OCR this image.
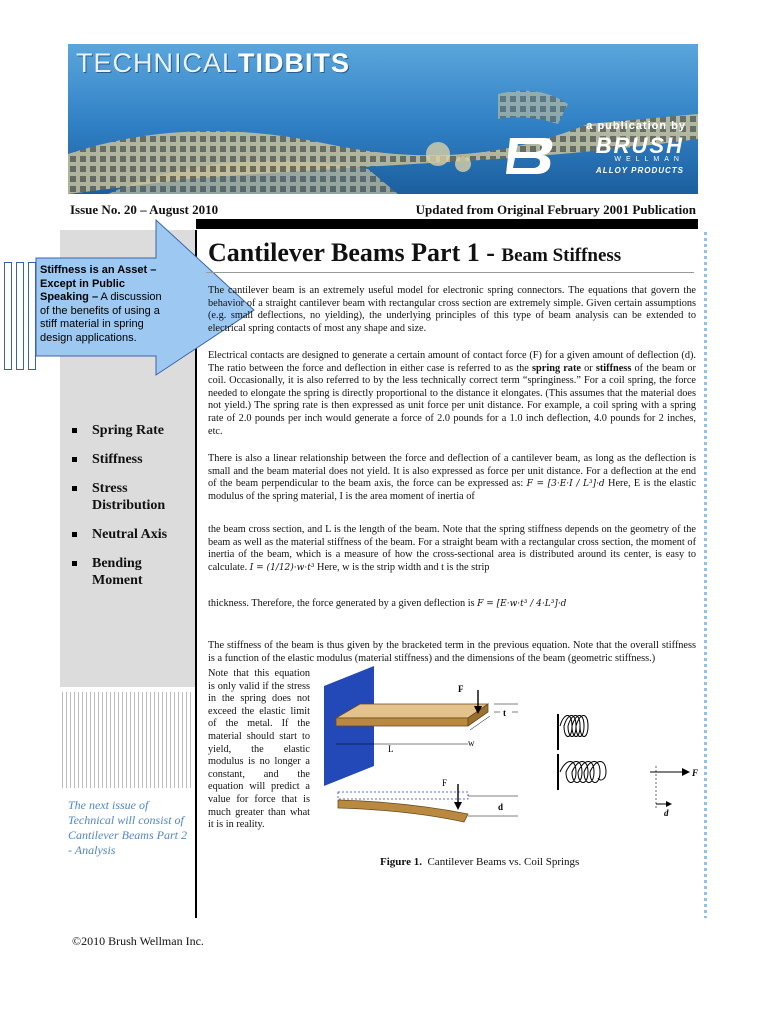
TECHNICALTIDBITS
a publication by
BRUSH
WELLMAN
ALLOY PRODUCTS
Issue No. 20 – August 2010	Updated from Original February 2001 Publication
Stiffness is an Asset – Except in Public Speaking – A discussion of the benefits of using a stiff material in spring design applications.
Spring Rate
Stiffness
Stress Distribution
Neutral Axis
Bending Moment
The next issue of Technical will consist of Cantilever Beams Part 2 - Analysis
Cantilever Beams Part 1 - Beam Stiffness
The cantilever beam is an extremely useful model for electronic spring connectors. The equations that govern the behavior of a straight cantilever beam with rectangular cross section are extremely simple. Given certain assumptions (e.g. small deflections, no yielding), the underlying principles of this type of beam analysis can be extended to electrical spring contacts of most any shape and size.
Electrical contacts are designed to generate a certain amount of contact force (F) for a given amount of deflection (d). The ratio between the force and deflection in either case is referred to as the spring rate or stiffness of the beam or coil. Occasionally, it is also referred to by the less technically correct term “springiness.” For a coil spring, the force needed to elongate the spring is directly proportional to the distance it elongates. (This assumes that the material does not yield.) The spring rate is then expressed as unit force per unit distance. For example, a coil spring with a spring rate of 2.0 pounds per inch would generate a force of 2.0 pounds for a 1.0 inch deflection, 4.0 pounds for 2 inches, etc.
There is also a linear relationship between the force and deflection of a cantilever beam, as long as the deflection is small and the beam material does not yield. It is also expressed as force per unit distance. For a deflection at the end of the beam perpendicular to the beam axis, the force can be expressed as: F = [3·E·I / L³]·d Here, E is the elastic modulus of the spring material, I is the area moment of inertia of
the beam cross section, and L is the length of the beam. Note that the spring stiffness depends on the geometry of the beam as well as the material stiffness of the beam. For a straight beam with a rectangular cross section, the moment of inertia of the beam, which is a measure of how the cross-sectional area is distributed around its center, is easy to calculate. I = (1/12)·w·t³ Here, w is the strip width and t is the strip
thickness. Therefore, the force generated by a given deflection is F = [E·w·t³ / 4·L³]·d
The stiffness of the beam is thus given by the bracketed term in the previous equation. Note that the overall stiffness is a function of the elastic modulus (material stiffness) and the dimensions of the beam (geometric stiffness.)
Note that this equation is only valid if the stress in the spring does not exceed the elastic limit of the metal. If the material should start to yield, the elastic modulus is no longer a constant, and the equation will predict a value for force that is much greater than what it is in reality.
F
t
L
w
F
d
F
d
Figure 1. Cantilever Beams vs. Coil Springs
©2010 Brush Wellman Inc.
